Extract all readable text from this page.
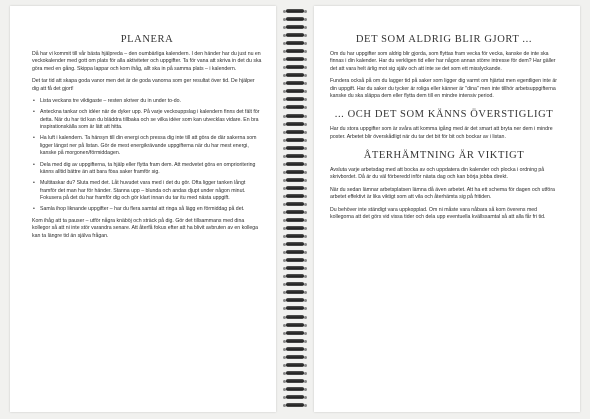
PLANERA

Då har vi kommit till vår bästa hjälpreda – den oumbärliga kalendern. I den händer har du just nu en veckokalender med gott om plats för alla aktiviteter och uppgifter. Ta för vana att skriva in det du ska göra med en gång. Skippa lappar och kom ihåg, allt ska in på samma plats – i kalendern.

Det tar tid att skapa goda vanor men det är de goda vanorna som ger resultat över tid. De hjälper dig att få det gjort!

• Lista veckans tre viktigaste – resten skriver du in under to-do.
• Anteckna tankar och idéer när de dyker upp. På varje veckouppslag i kalendern finns det fält för detta. När du har tid kan du bläddra tillbaka och se vilka idéer som kan utvecklas vidare. En bra inspirationskälla som är lätt att hitta.
• Ha luft i kalendern. Ta hänsyn till din energi och pressa dig inte till att göra de där sakerna som ligger längst ner på listan. Gör de mest energikrävande uppgifterna när du har mest energi, kanske på morgonen/förmiddagen.
• Dela med dig av uppgifterna, ta hjälp eller flytta fram dem. Att medvetet göra en omprioritering känns alltid bättre än att bara fösa saker framför sig.
• Multitaskar du? Sluta med det. Låt huvudet vara med i det du gör. Ofta ligger tanken långt framför det man har för händer. Stanna upp – blunda och andas djupt under någon minut. Fokusera på det du har framför dig och gör klart innan du tar itu med nästa uppgift.
• Samla ihop liknande uppgifter – har du flera samtal att ringa så lägg en förmiddag på det.

Kom ihåg att ta pauser – utför några knäböj och sträck på dig. Gör det tillsammans med dina kollegor så att ni inte stör varandra senare. Att återfå fokus efter att ha blivit avbruten av en kollega kan ta längre tid än själva frågan.

DET SOM ALDRIG BLIR GJORT ...

Om du har uppgifter som aldrig blir gjorda, som flyttas fram vecka för vecka, kanske de inte ska finnas i din kalender. Har du verkligen tid eller har någon annan större intresse för dem? Har gäller det att vara helt ärlig mot sig själv och att inte se det som ett misslyckande.

Fundera också på om du lagger tid på saker som ligger dig varmt om hjärtat men egentligen inte är din uppgift. Har du saker du tycker är roliga eller känner är "dina" men inte tillhör arbetsuppgifterna kanske du ska släppa dem eller flytta dem till en mindre intensiv period.

... OCH DET SOM KÄNNS ÖVERSTIGLIGT

Har du stora uppgifter som är svåra att komma igång med är det smart att bryta ner dem i mindre poster. Arbetet blir överskådligt när du tar det bit för bit och bockar av i listan.

ÅTERHÄMTNING ÄR VIKTIGT

Avsluta varje arbetsdag med att bocka av och uppdatera din kalender och plocka i ordning på skrivbordet. Då är du väl förberedd inför nästa dag och kan börja jobba direkt.

När du sedan lämnar arbetsplatsen lämna då även arbetet. Att ha ett schema för dagen och utföra arbetet effektivt är lika viktigt som att vila och återhämta sig på fritiden.

Du behöver inte ständigt vara uppkopplad. Om ni måste vara nåbara så kom överens med kollegorna att det görs vid vissa tider och dela upp eventuella kvällssamtal så att alla får fri tid.
